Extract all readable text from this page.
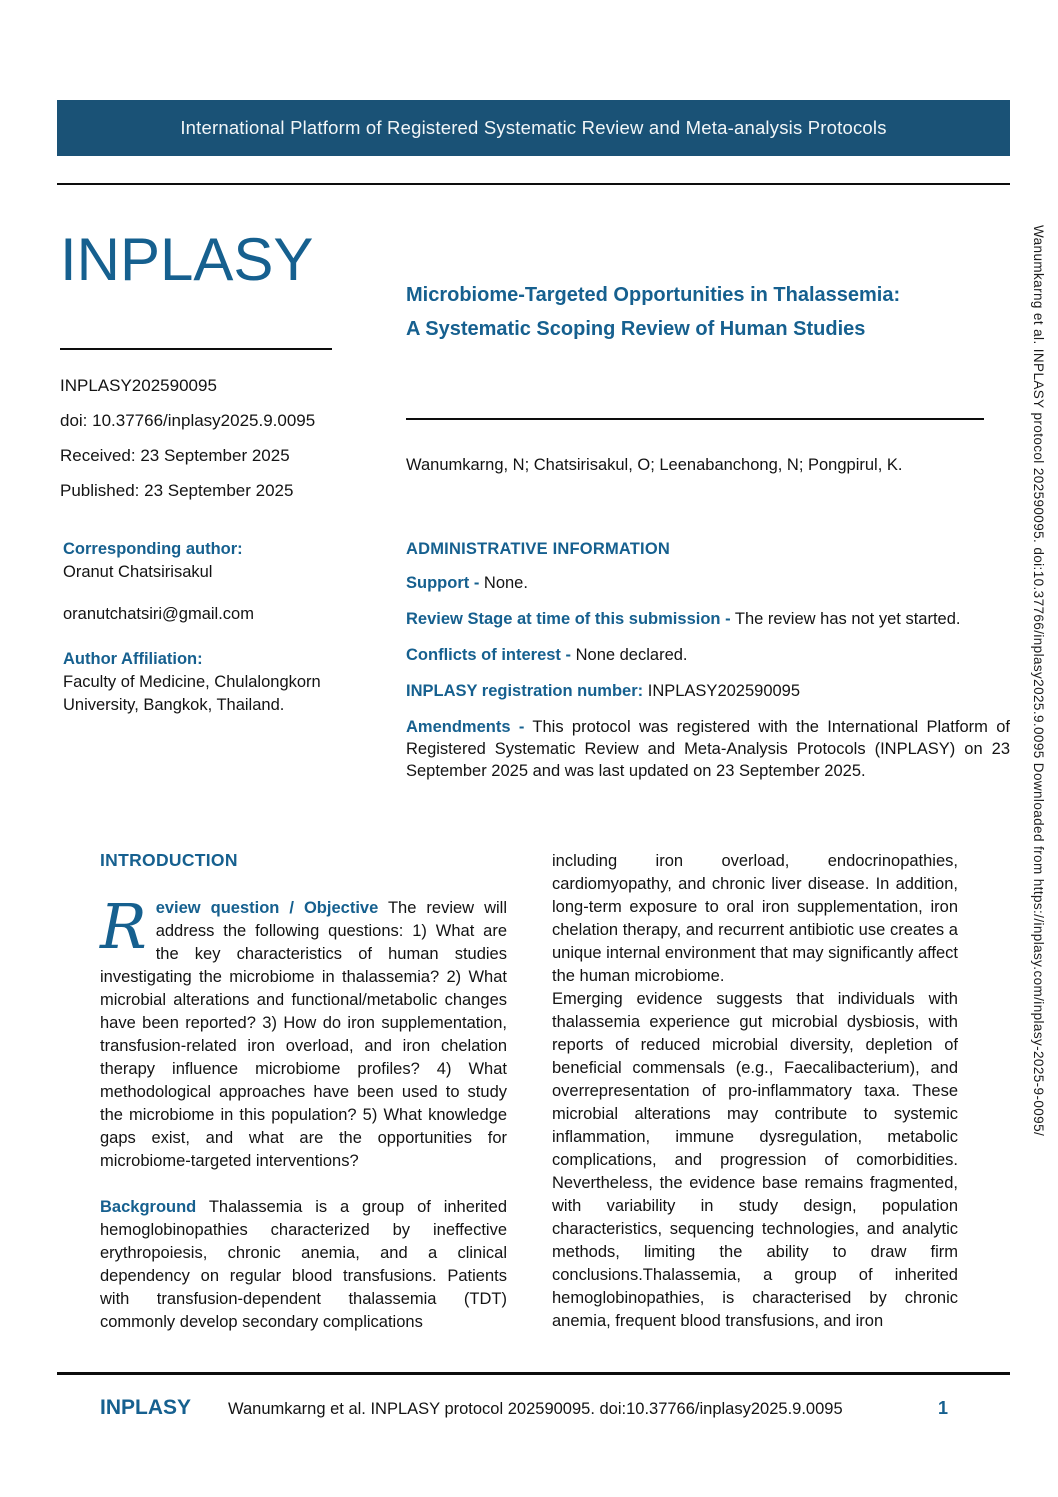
International Platform of Registered Systematic Review and Meta-analysis Protocols
INPLASY

INPLASY202590095

doi: 10.37766/inplasy2025.9.0095

Received: 23 September 2025

Published: 23 September 2025

Microbiome-Targeted Opportunities in Thalassemia:
A Systematic Scoping Review of Human Studies
Wanumkarng, N; Chatsirisakul, O; Leenabanchong, N; Pongpirul, K.

Corresponding author:

Oranut Chatsirisakul

oranutchatsiri@gmail.com

Author Affiliation:

Faculty of Medicine, Chulalongkorn University, Bangkok, Thailand.

ADMINISTRATIVE INFORMATION

Support - None.

Review Stage at time of this submission - The review has not yet started.

Conflicts of interest - None declared.

INPLASY registration number: INPLASY202590095

Amendments - This protocol was registered with the International Platform of Registered Systematic Review and Meta-Analysis Protocols (INPLASY) on 23 September 2025 and was last updated on 23 September 2025.

INTRODUCTION

Review question / Objective The review will address the following questions: 1) What are the key characteristics of human studies investigating the microbiome in thalassemia? 2) What microbial alterations and functional/metabolic changes have been reported? 3) How do iron supplementation, transfusion-related iron overload, and iron chelation therapy influence microbiome profiles? 4) What methodological approaches have been used to study the microbiome in this population? 5) What knowledge gaps exist, and what are the opportunities for microbiome-targeted interventions?

Background Thalassemia is a group of inherited hemoglobinopathies characterized by ineffective erythropoiesis, chronic anemia, and a clinical dependency on regular blood transfusions. Patients with transfusion-dependent thalassemia (TDT) commonly develop secondary complications

including iron overload, endocrinopathies, cardiomyopathy, and chronic liver disease. In addition, long-term exposure to oral iron supplementation, iron chelation therapy, and recurrent antibiotic use creates a unique internal environment that may significantly affect the human microbiome.

Emerging evidence suggests that individuals with thalassemia experience gut microbial dysbiosis, with reports of reduced microbial diversity, depletion of beneficial commensals (e.g., Faecalibacterium), and overrepresentation of pro-inflammatory taxa. These microbial alterations may contribute to systemic inflammation, immune dysregulation, metabolic complications, and progression of comorbidities. Nevertheless, the evidence base remains fragmented, with variability in study design, population characteristics, sequencing technologies, and analytic methods, limiting the ability to draw firm conclusions.Thalassemia, a group of inherited hemoglobinopathies, is characterised by chronic anemia, frequent blood transfusions, and iron

INPLASY Wanumkarng et al. INPLASY protocol 202590095. doi:10.37766/inplasy2025.9.0095	1
Wanumkarng et al. INPLASY protocol 202590095. doi:10.37766/inplasy2025.9.0095 Downloaded from https://inplasy.com/inplasy-2025-9-0095/
